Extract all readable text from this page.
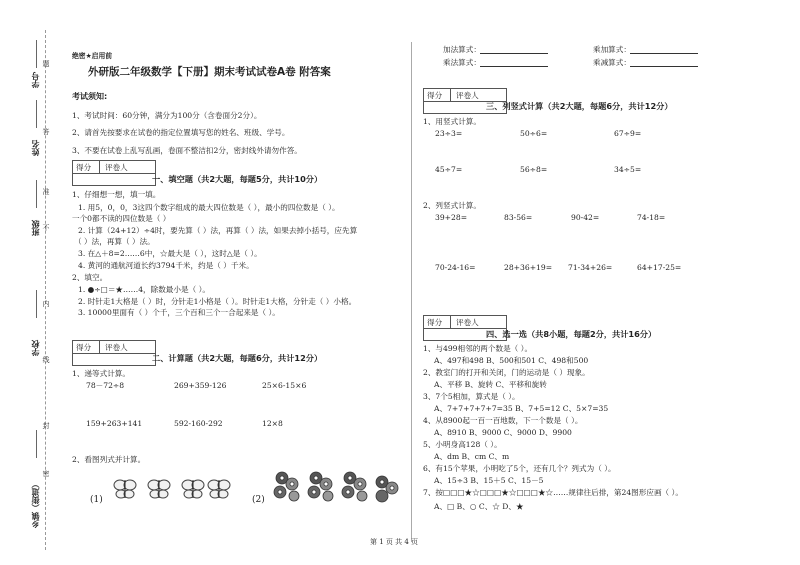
学号
姓名
班级
学校
乡镇（街道）
题
答
准
不
内
线
封
密
绝密★启用前
外研版二年级数学【下册】期末考试试卷A卷 附答案
考试须知:
1、考试时间：60分钟，满分为100分（含卷面分2分）。
2、请首先按要求在试卷的指定位置填写您的姓名、班级、学号。
3、不要在试卷上乱写乱画，卷面不整洁扣2分，密封线外请勿作答。
得分 评卷人
一、填空题（共2大题，每题5分，共计10分）
1、仔细想一想，填一填。
1. 用5，0，0，3这四个数字组成的最大四位数是（ ），最小的四位数是（ ）。
一个0都不读的四位数是（ ）
2. 计算（24+12）÷4时，要先算（ ）法，再算（ ）法，如果去掉小括号，应先算
（ ）法，再算（ ）法。
3. 在△＋8=2……6中，☆最大是（ ），这时△是（ ）。
4. 黄河的通航河道长约3794千米，约是（ ）千米。
2、填空。
1. ●÷□＝★……4，除数最小是（ ）。
2. 时针走1大格是（ ）时，分针走1小格是（ ）。时针走1大格，分针走（ ）小格。
3. 10000里面有（ ）个千，三个百和三个一合起来是（ ）。
得分 评卷人
二、计算题（共2大题，每题6分，共计12分）
1、递等式计算。
78－72÷8	269+359-126	25×6-15×6
159+263+141	592-160-292	12×8
2、看图列式并计算。
(1)	(2)
加法算式：	乘加算式：
乘法算式：	乘减算式：
得分 评卷人
三、列竖式计算（共2大题，每题6分，共计12分）
1、用竖式计算。
23÷3=	50÷6=	67÷9=
45÷7=	56÷8=	34÷5=
2、列竖式计算。
39+28=	83-56=	90-42=	74-18=
70-24-16=	28+36+19= 71-34+26=	64+17-25=
得分 评卷人
四、选一选（共8小题，每题2分，共计16分）
1、与499相邻的两个数是（ ）。
A、497和498 B、500和501 C、498和500
2、教室门的打开和关闭，门的运动是（ ）现象。
A、平移 B、旋转 C、平移和旋转
3、7个5相加，算式是（ ）。
A、7+7+7+7+7=35 B、7+5=12 C、5×7=35
4、从8900起一百一百地数，下一个数是（ ）。
A、8910 B、9000 C、9000 D、9900
5、小明身高128（ ）。
A、dm B、cm C、m
6、有15个苹果，小明吃了5个，还有几个？列式为（ ）。
A、15÷3 B、15＋5 C、15－5
7、按□□□★☆□□□★☆□□□★☆……规律往后排，第24图形应画（ ）。
A、□ B、○ C、☆ D、★
第 1 页 共 4 页
